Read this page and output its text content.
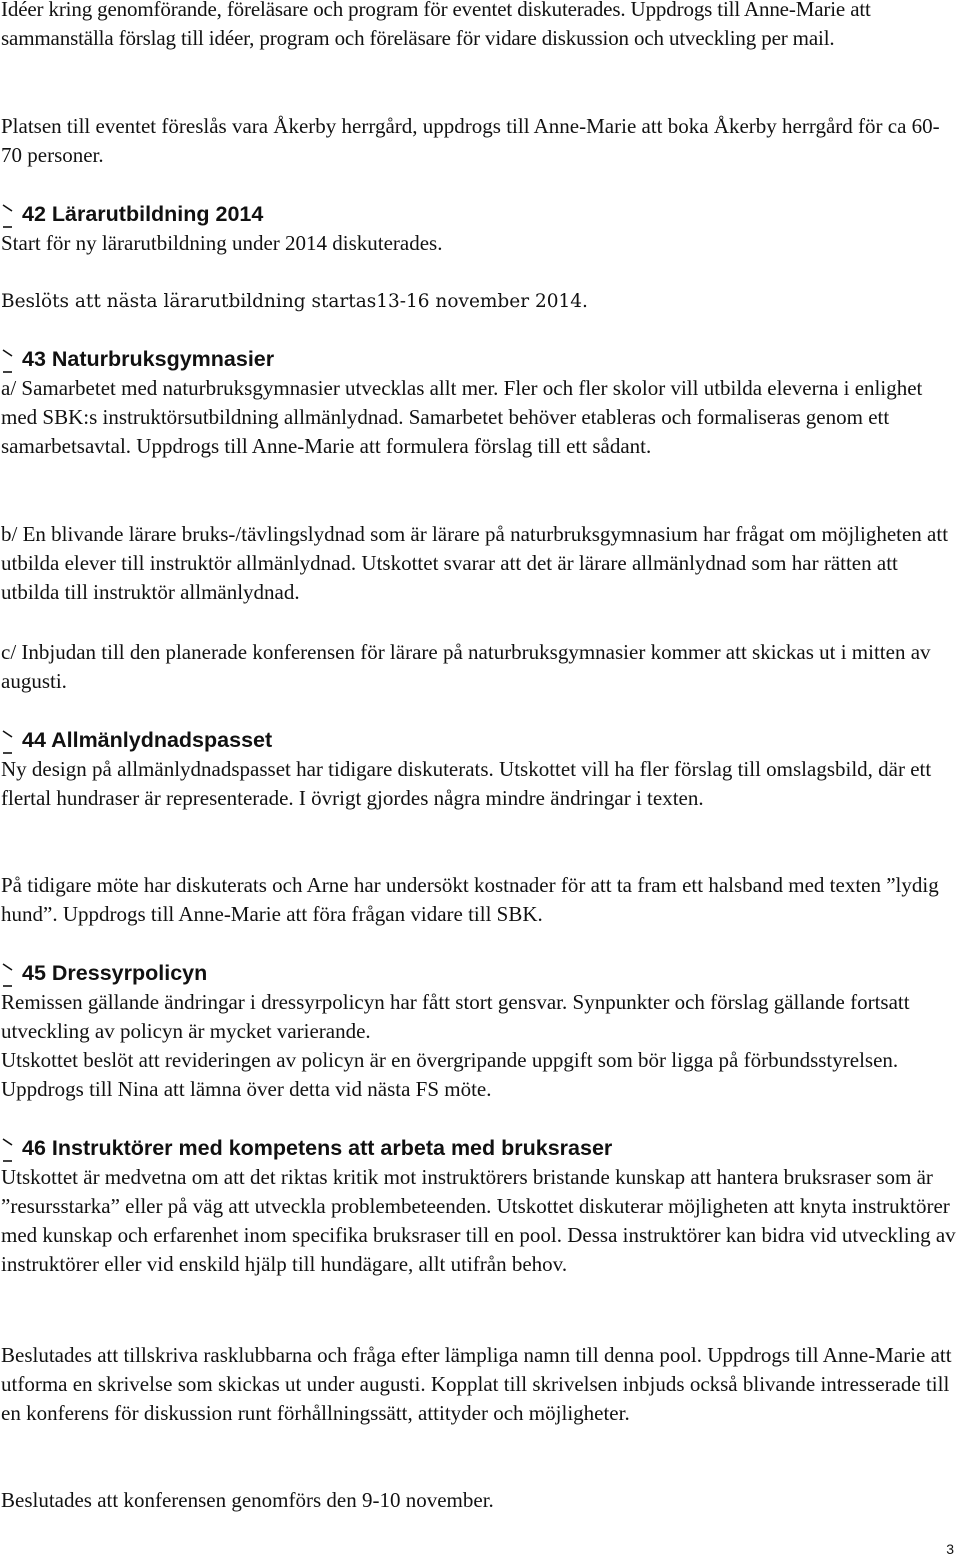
Idéer kring genomförande, föreläsare och program för eventet diskuterades. Uppdrogs till Anne-Marie att sammanställa förslag till idéer, program och föreläsare för vidare diskussion och utveckling per mail.

Platsen till eventet föreslås vara Åkerby herrgård, uppdrogs till Anne-Marie att boka Åkerby herrgård för ca 60-70 personer.

42 Lärarutbildning 2014

Start för ny lärarutbildning under 2014 diskuterades.

Beslöts att nästa lärarutbildning startas13-16 november 2014.

43 Naturbruksgymnasier

a/ Samarbetet med naturbruksgymnasier utvecklas allt mer. Fler och fler skolor vill utbilda eleverna i enlighet med SBK:s instruktörsutbildning allmänlydnad. Samarbetet behöver etableras och formaliseras genom ett samarbetsavtal. Uppdrogs till Anne-Marie att formulera förslag till ett sådant.

b/ En blivande lärare bruks-/tävlingslydnad som är lärare på naturbruksgymnasium har frågat om möjligheten att utbilda elever till instruktör allmänlydnad. Utskottet svarar att det är lärare allmänlydnad som har rätten att utbilda till instruktör allmänlydnad.

c/ Inbjudan till den planerade konferensen för lärare på naturbruksgymnasier kommer att skickas ut i mitten av augusti.

44 Allmänlydnadspasset

Ny design på allmänlydnadspasset har tidigare diskuterats. Utskottet vill ha fler förslag till omslagsbild, där ett flertal hundraser är representerade. I övrigt gjordes några mindre ändringar i texten.

På tidigare möte har diskuterats och Arne har undersökt kostnader för att ta fram ett halsband med texten ”lydig hund”. Uppdrogs till Anne-Marie att föra frågan vidare till SBK.

45 Dressyrpolicyn

Remissen gällande ändringar i dressyrpolicyn har fått stort gensvar. Synpunkter och förslag gällande fortsatt utveckling av policyn är mycket varierande.

Utskottet beslöt att revideringen av policyn är en övergripande uppgift som bör ligga på förbundsstyrelsen. Uppdrogs till Nina att lämna över detta vid nästa FS möte.

46 Instruktörer med kompetens att arbeta med bruksraser

Utskottet är medvetna om att det riktas kritik mot instruktörers bristande kunskap att hantera bruksraser som är ”resursstarka” eller på väg att utveckla problembeteenden. Utskottet diskuterar möjligheten att knyta instruktörer med kunskap och erfarenhet inom specifika bruksraser till en pool. Dessa instruktörer kan bidra vid utveckling av instruktörer eller vid enskild hjälp till hundägare, allt utifrån behov.

Beslutades att tillskriva rasklubbarna och fråga efter lämpliga namn till denna pool. Uppdrogs till Anne-Marie att utforma en skrivelse som skickas ut under augusti. Kopplat till skrivelsen inbjuds också blivande intresserade till en konferens för diskussion runt förhållningssätt, attityder och möjligheter.

Beslutades att konferensen genomförs den 9-10 november.

3
